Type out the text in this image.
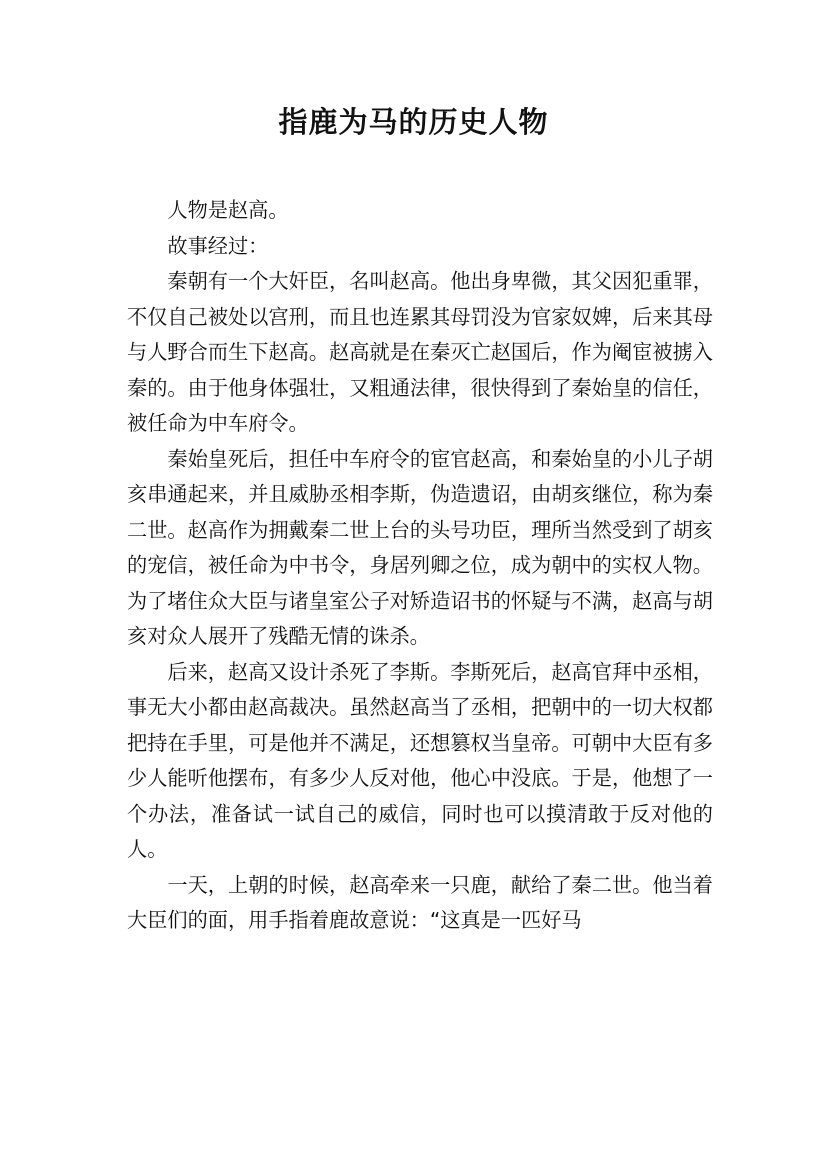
指鹿为马的历史人物

人物是赵高。

故事经过：

秦朝有一个大奸臣，名叫赵高。他出身卑微，其父因犯重罪，不仅自己被处以宫刑，而且也连累其母罚没为官家奴婢，后来其母与人野合而生下赵高。赵高就是在秦灭亡赵国后，作为阉宦被掳入秦的。由于他身体强壮，又粗通法律，很快得到了秦始皇的信任，被任命为中车府令。

秦始皇死后，担任中车府令的宦官赵高，和秦始皇的小儿子胡亥串通起来，并且威胁丞相李斯，伪造遗诏，由胡亥继位，称为秦二世。赵高作为拥戴秦二世上台的头号功臣，理所当然受到了胡亥的宠信，被任命为中书令，身居列卿之位，成为朝中的实权人物。为了堵住众大臣与诸皇室公子对矫造诏书的怀疑与不满，赵高与胡亥对众人展开了残酷无情的诛杀。

后来，赵高又设计杀死了李斯。李斯死后，赵高官拜中丞相，事无大小都由赵高裁决。虽然赵高当了丞相，把朝中的一切大权都把持在手里，可是他并不满足，还想篡权当皇帝。可朝中大臣有多少人能听他摆布，有多少人反对他，他心中没底。于是，他想了一个办法，准备试一试自己的威信，同时也可以摸清敢于反对他的人。

一天，上朝的时候，赵高牵来一只鹿，献给了秦二世。他当着大臣们的面，用手指着鹿故意说：“这真是一匹好马
